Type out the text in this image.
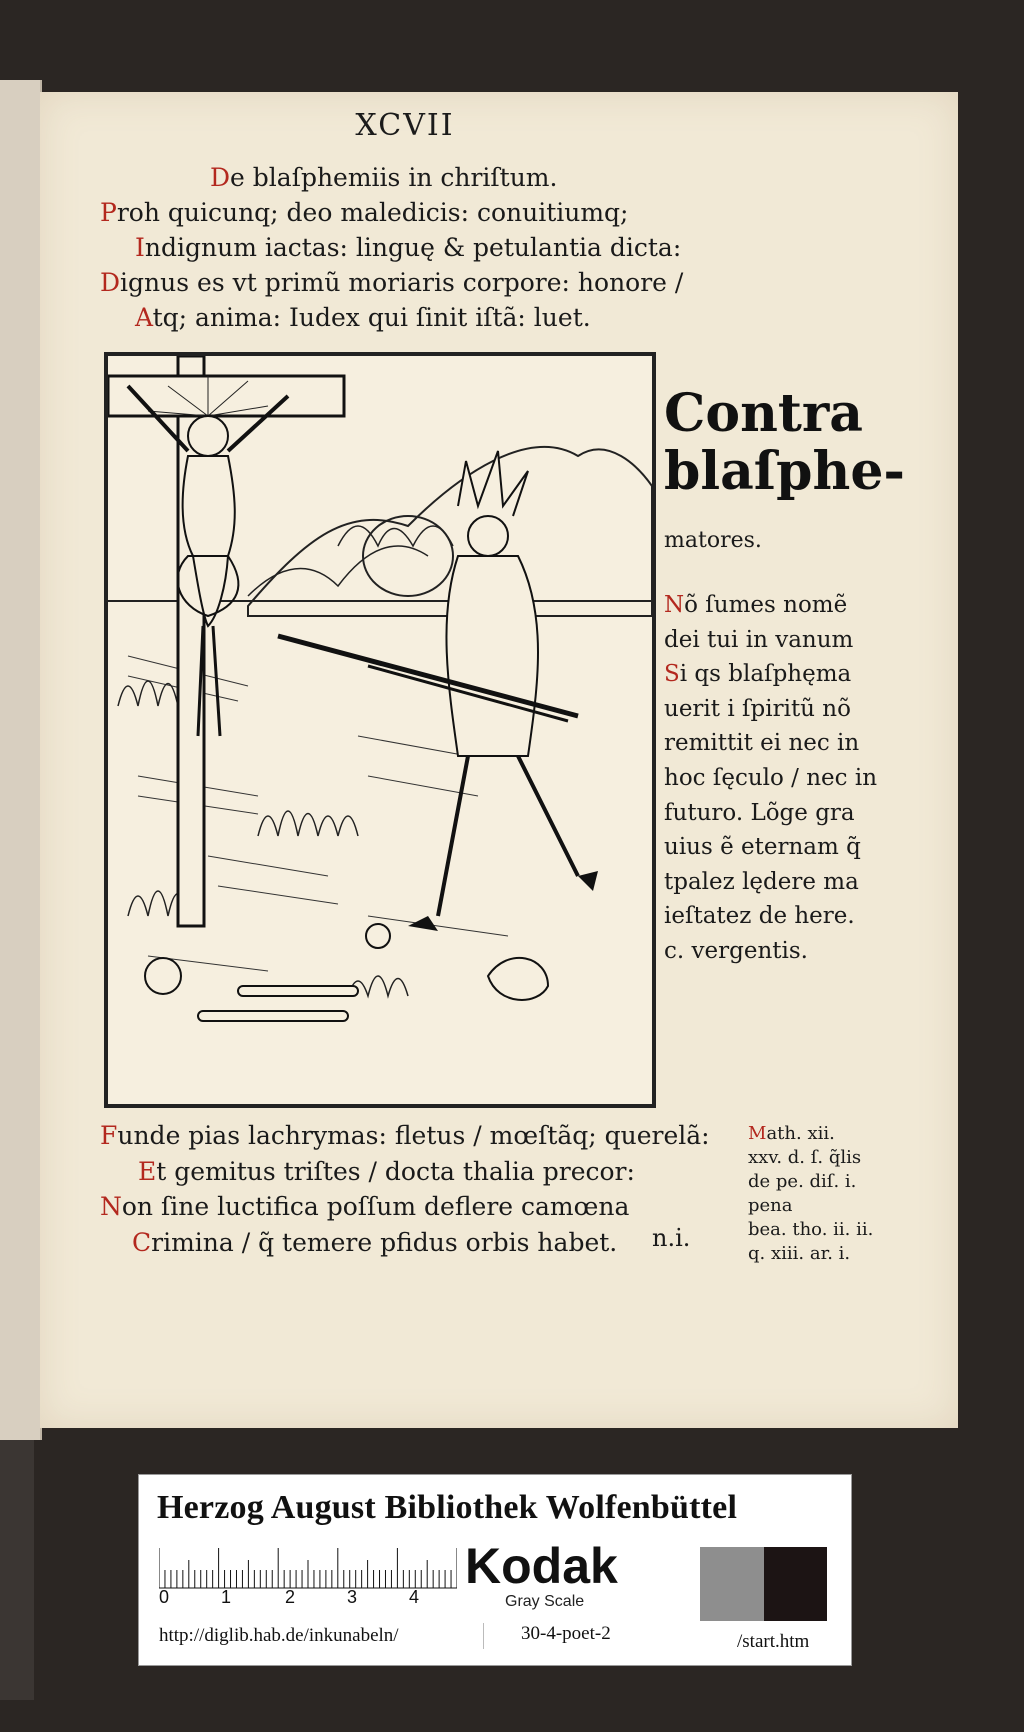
XCVII
De blaſphemiis in chriſtum.
Proh quicunq; deo maledicis: conuitiumq;
Indignum iactas: linguę & petulantia dicta:
Dignus es vt primũ moriaris corpore: honore /
Atq; anima: Iudex qui ſinit iſtã: luet.
Contra
blaſphe-
matores.
Nõ ſumes nomẽ
dei tui in vanum
Si qs blaſphęma
uerit i ſpiritũ nõ
remittit ei nec in
hoc ſęculo / nec in
futuro. Lõge gra
uius ẽ eternam q̃
tpalez lędere ma
ieſtatez de here.
c. vergentis.
Funde pias lachrymas: fletus / mœſtãq; querelã:
Et gemitus triſtes / docta thalia precor:
Non ſine luctifica poſſum deflere camœna
Crimina / q̃ temere pfidus orbis habet.	n.i.
Math. xii.
xxv. d. ſ. q̃lis
de pe. diſ. i.
pena
bea. tho. ii. ii.
q. xiii. ar. i.
Herzog August Bibliothek Wolfenbüttel
0	1	2	3	4
Kodak
Gray Scale
http://diglib.hab.de/inkunabeln/	30-4-poet-2	/start.htm
